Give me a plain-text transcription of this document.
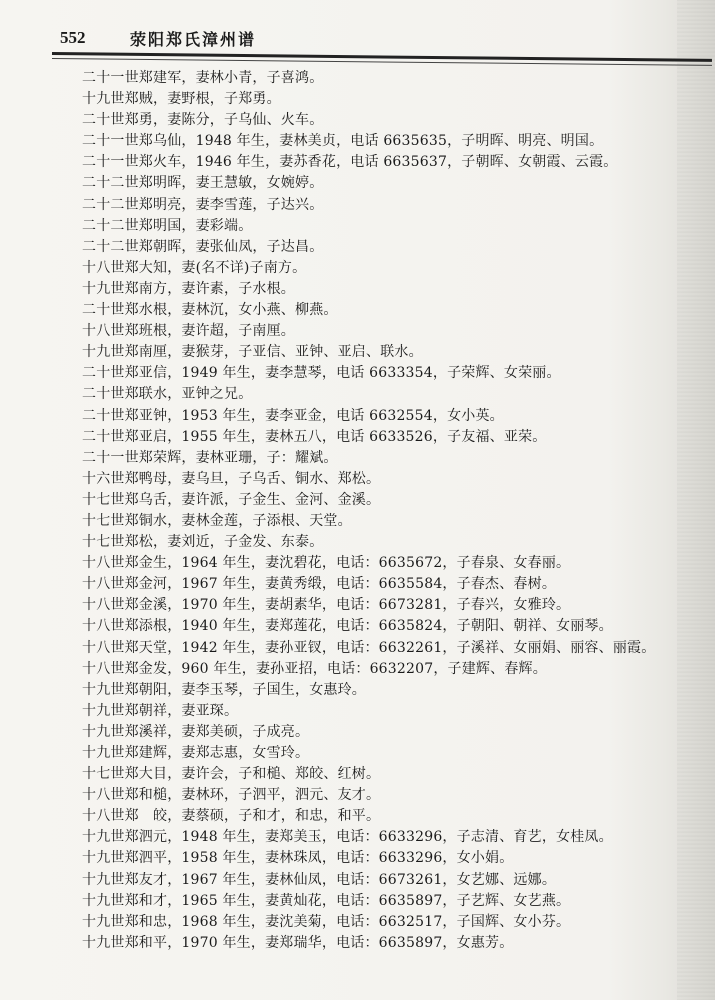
552	荥阳郑氏漳州谱
二十一世郑建军，妻林小青，子喜鸿。
十九世郑贼，妻野根，子郑勇。
二十世郑勇，妻陈分，子乌仙、火车。
二十一世郑乌仙，1948 年生，妻林美贞，电话 6635635，子明晖、明亮、明国。
二十一世郑火车，1946 年生，妻苏香花，电话 6635637，子朝晖、女朝霞、云霞。
二十二世郑明晖，妻王慧敏，女婉婷。
二十二世郑明亮，妻李雪莲，子达兴。
二十二世郑明国，妻彩端。
二十二世郑朝晖，妻张仙凤，子达昌。
十八世郑大知，妻(名不详)子南方。
十九世郑南方，妻许素，子水根。
二十世郑水根，妻林沉，女小燕、柳燕。
十八世郑班根，妻许超，子南厘。
十九世郑南厘，妻猴芽，子亚信、亚钟、亚启、联水。
二十世郑亚信，1949 年生，妻李慧琴，电话 6633354，子荣辉、女荣丽。
二十世郑联水，亚钟之兄。
二十世郑亚钟，1953 年生，妻李亚金，电话 6632554，女小英。
二十世郑亚启，1955 年生，妻林五八，电话 6633526，子友福、亚荣。
二十一世郑荣辉，妻林亚珊，子：耀斌。
十六世郑鸭母，妻乌旦，子乌舌、铜水、郑松。
十七世郑乌舌，妻许派，子金生、金河、金溪。
十七世郑铜水，妻林金莲，子添根、天堂。
十七世郑松，妻刘近，子金发、东泰。
十八世郑金生，1964 年生，妻沈碧花，电话：6635672，子春泉、女春丽。
十八世郑金河，1967 年生，妻黄秀缎，电话：6635584，子春杰、春树。
十八世郑金溪，1970 年生，妻胡素华，电话：6673281，子春兴，女雅玲。
十八世郑添根，1940 年生，妻郑莲花，电话：6635824，子朝阳、朝祥、女丽琴。
十八世郑天堂，1942 年生，妻孙亚钗，电话：6632261，子溪祥、女丽娟、丽容、丽霞。
十八世郑金发，960 年生，妻孙亚招，电话：6632207，子建辉、春辉。
十九世郑朝阳，妻李玉琴，子国生，女惠玲。
十九世郑朝祥，妻亚琛。
十九世郑溪祥，妻郑美硕，子成亮。
十九世郑建辉，妻郑志惠，女雪玲。
十七世郑大目，妻许会，子和槌、郑皎、红树。
十八世郑和槌，妻林环，子泗平，泗元、友才。
十八世郑　皎，妻蔡硕，子和才，和忠，和平。
十九世郑泗元，1948 年生，妻郑美玉，电话：6633296，子志清、育艺，女桂凤。
十九世郑泗平，1958 年生，妻林珠凤，电话：6633296，女小娟。
十九世郑友才，1967 年生，妻林仙凤，电话：6673261，女艺娜、远娜。
十九世郑和才，1965 年生，妻黄灿花，电话：6635897，子艺辉、女艺燕。
十九世郑和忠，1968 年生，妻沈美菊，电话：6632517，子国辉、女小芬。
十九世郑和平，1970 年生，妻郑瑞华，电话：6635897，女惠芳。
